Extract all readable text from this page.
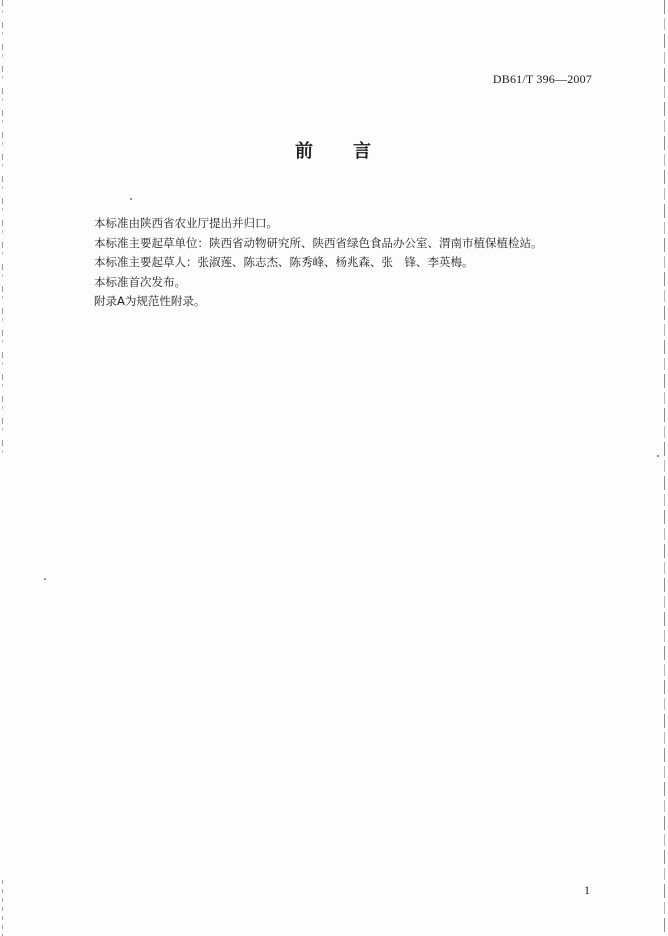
DB61/T 396—2007
前 言
本标准由陕西省农业厅提出并归口。
本标准主要起草单位：陕西省动物研究所、陕西省绿色食品办公室、渭南市植保植检站。
本标准主要起草人：张淑莲、陈志杰、陈秀峰、杨兆森、张　锋、李英梅。
本标准首次发布。
附录A为规范性附录。
1
